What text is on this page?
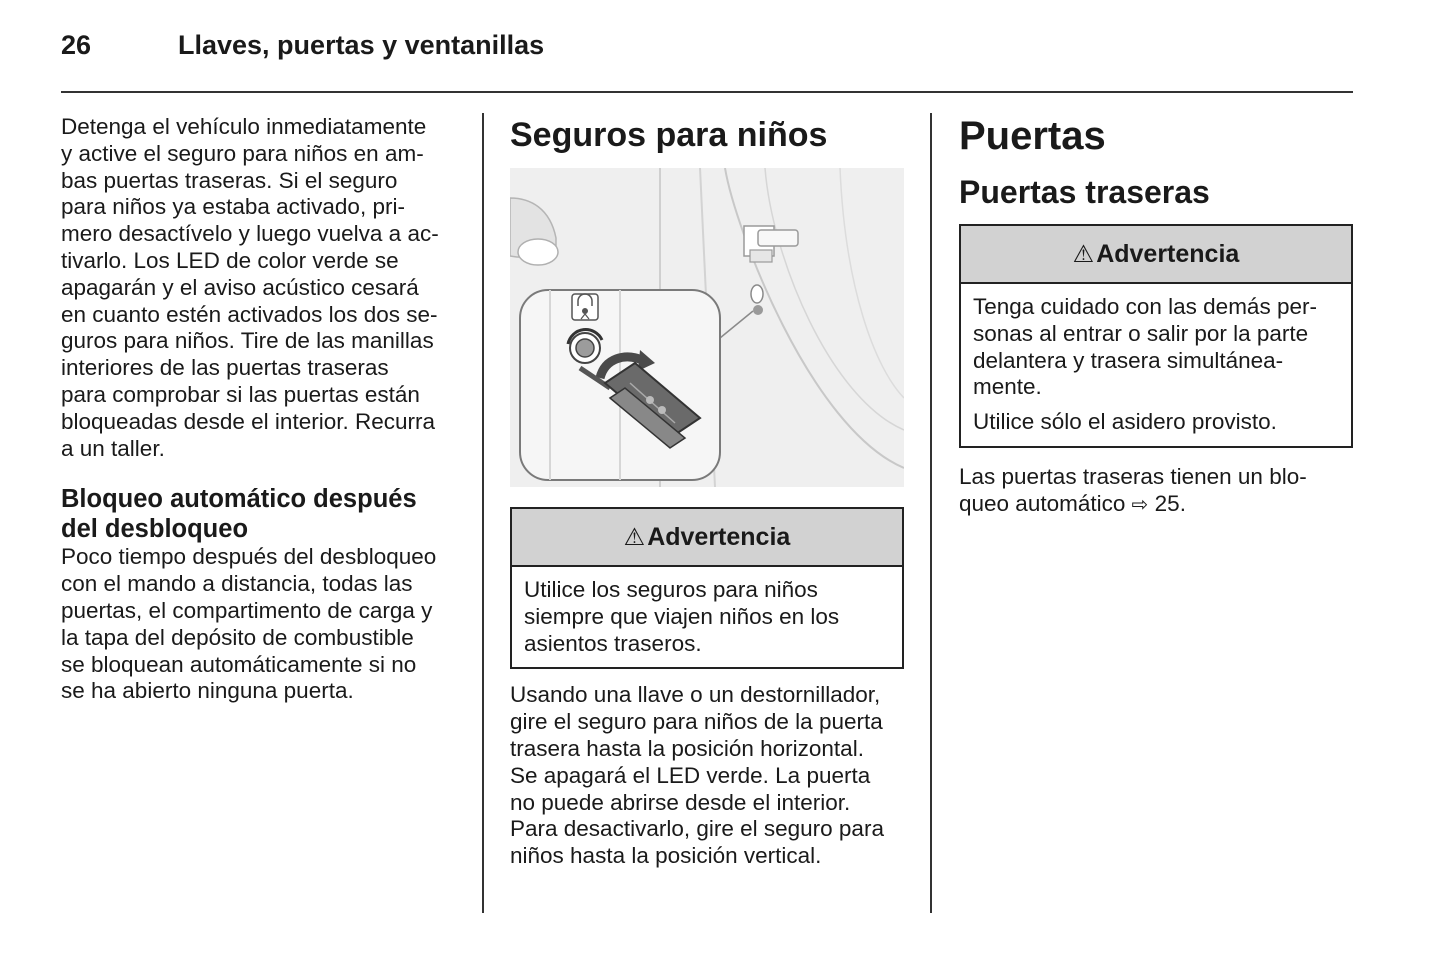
26	Llaves, puertas y ventanillas

Detenga el vehículo inmediatamente
y active el seguro para niños en am-
bas puertas traseras. Si el seguro
para niños ya estaba activado, pri-
mero desactívelo y luego vuelva a ac-
tivarlo. Los LED de color verde se
apagarán y el aviso acústico cesará
en cuanto estén activados los dos se-
guros para niños. Tire de las manillas
interiores de las puertas traseras
para comprobar si las puertas están
bloqueadas desde el interior. Recurra
a un taller.

Bloqueo automático después
del desbloqueo

Poco tiempo después del desbloqueo
con el mando a distancia, todas las
puertas, el compartimento de carga y
la tapa del depósito de combustible
se bloquean automáticamente si no
se ha abierto ninguna puerta.

Seguros para niños
⚠ Advertencia

Utilice los seguros para niños
siempre que viajen niños en los
asientos traseros.

Usando una llave o un destornillador,
gire el seguro para niños de la puerta
trasera hasta la posición horizontal.
Se apagará el LED verde. La puerta
no puede abrirse desde el interior.
Para desactivarlo, gire el seguro para
niños hasta la posición vertical.

Puertas
Puertas traseras
⚠ Advertencia

Tenga cuidado con las demás per-
sonas al entrar o salir por la parte
delantera y trasera simultánea-
mente.

Utilice sólo el asidero provisto.

Las puertas traseras tienen un blo-
queo automático ⇨ 25.
